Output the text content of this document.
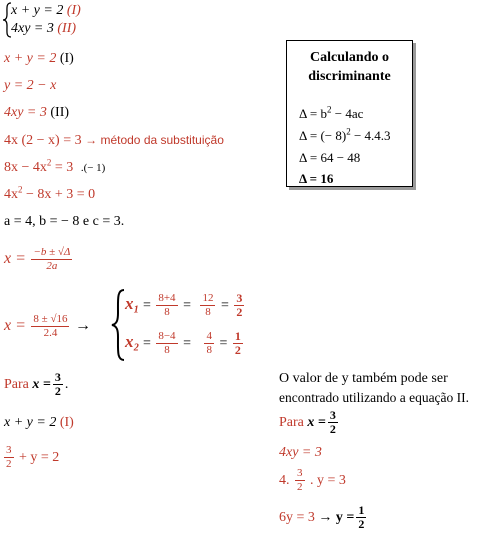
x + y = 2 (I)
4xy = 3 (II)
x + y = 2 (I)
y = 2 − x
4xy = 3 (II)
4x (2 − x) = 3 → método da substituição
$8x - 4x^2 = 3$ .(− 1)
$4x^2 - 8x + 3 = 0$
a = 4, b = − 8 e c = 3.
$x = \frac{-b \pm √\Delta}{2a}$
$x = \frac{8 \pm √16}{2.4}$ →
$x_1 = \frac{8+4}{8} = \frac{12}{8} = \frac{3}{2}$
$x_2 = \frac{8-4}{8} = \frac{4}{8} = \frac{1}{2}$
Para $x = \frac{3}{2}$ .
x + y = 2 (I)
$\frac{3}{2} + y = 2$
Calculando o discriminante
$\Delta = b^2 - 4ac$
Δ = (− 8)$^2$ − 4.4.3
Δ = 64 − 48
Δ = 16
O valor de y também pode ser
encontrado utilizando a equação II.
Para $x = \frac{3}{2}$
4xy = 3
4. $\frac{3}{2}$ . y = 3
$6y = 3 \to y = \frac{1}{2}$
